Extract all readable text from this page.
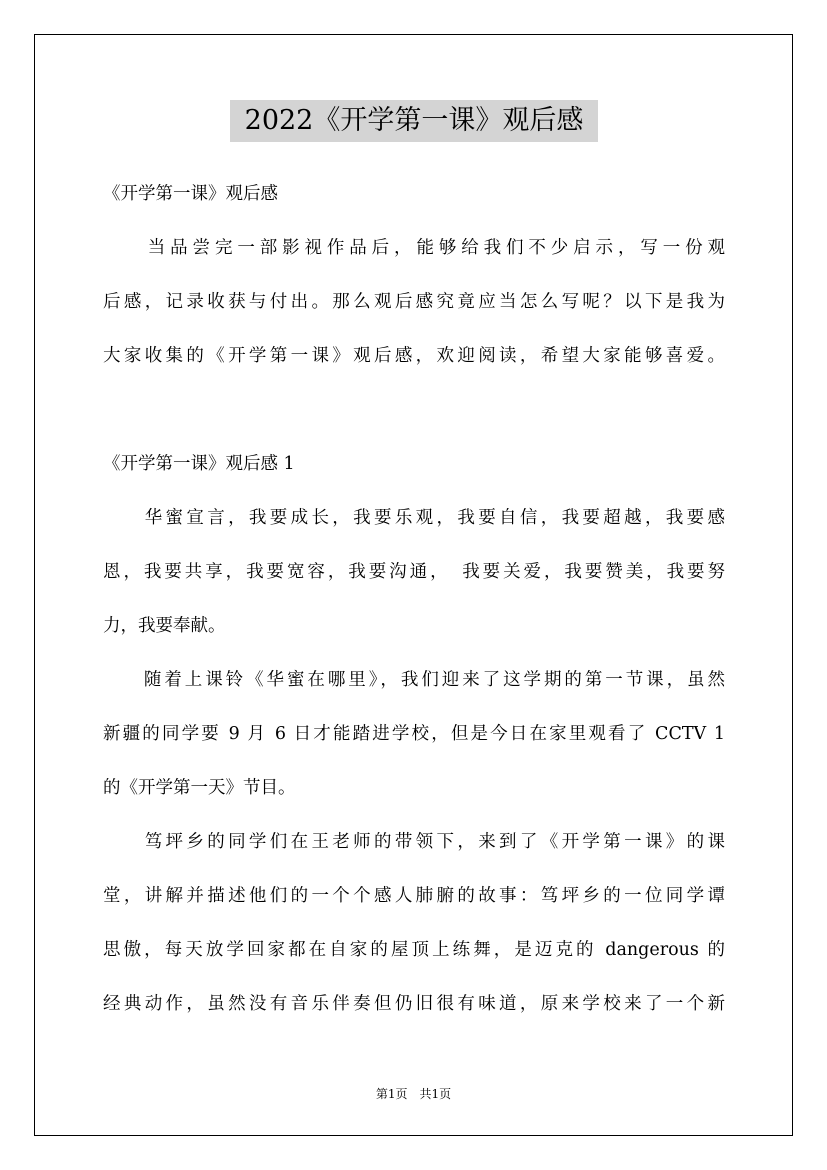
2022《开学第一课》观后感
《开学第一课》观后感
　　当品尝完一部影视作品后，能够给我们不少启示，写一份观
后感，记录收获与付出。那么观后感究竟应当怎么写呢？以下是我为
大家收集的《开学第一课》观后感，欢迎阅读，希望大家能够喜爱。
《开学第一课》观后感 1
　　华蜜宣言，我要成长，我要乐观，我要自信，我要超越，我要感
恩，我要共享，我要宽容，我要沟通，　我要关爱，我要赞美，我要努
力，我要奉献。
　　随着上课铃《华蜜在哪里》，我们迎来了这学期的第一节课，虽然
新疆的同学要 9 月 6 日才能踏进学校，但是今日在家里观看了 CCTV 1
的《开学第一天》节目。
　　笃坪乡的同学们在王老师的带领下，来到了《开学第一课》的课
堂，讲解并描述他们的一个个感人肺腑的故事：笃坪乡的一位同学谭
思傲，每天放学回家都在自家的屋顶上练舞，是迈克的 dangerous 的
经典动作，虽然没有音乐伴奏但仍旧很有味道，原来学校来了一个新
第1页　共1页
